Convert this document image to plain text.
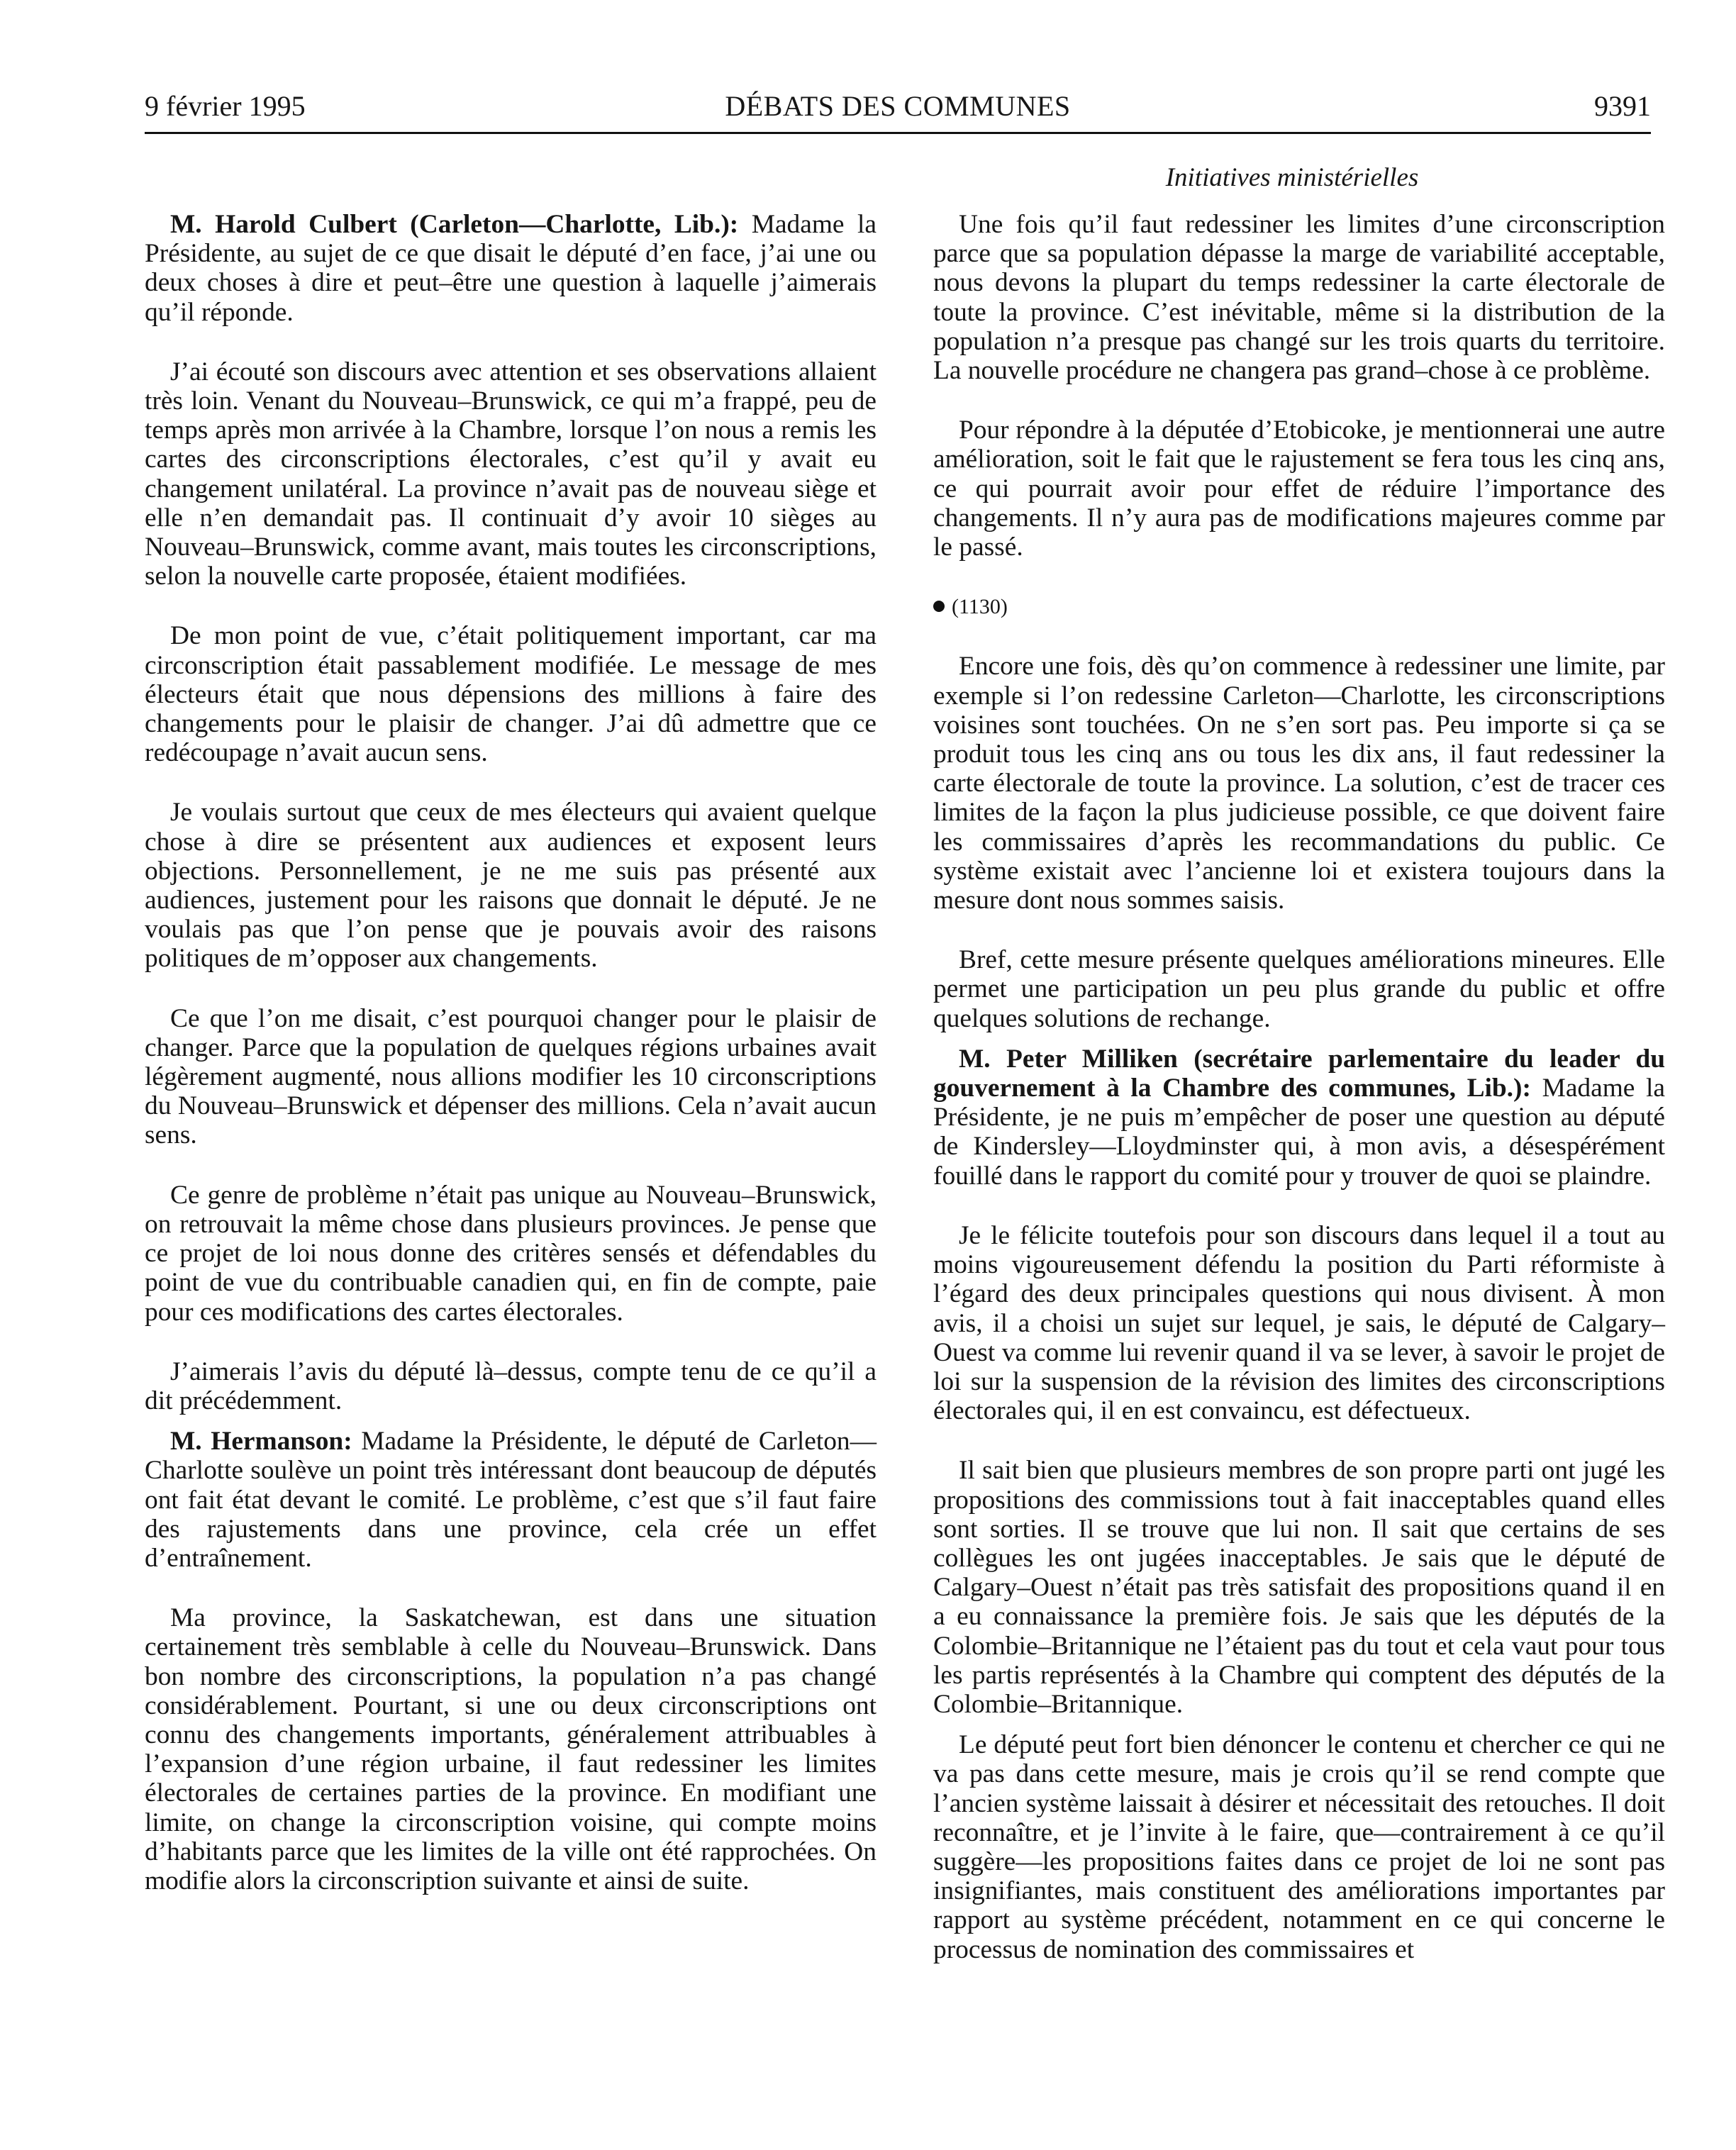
9 février 1995	DÉBATS DES COMMUNES	9391
Initiatives ministérielles

M. Harold Culbert (Carleton—Charlotte, Lib.): Madame la Présidente, au sujet de ce que disait le député d’en face, j’ai une ou deux choses à dire et peut–être une question à laquelle j’aimerais qu’il réponde.

J’ai écouté son discours avec attention et ses observations allaient très loin. Venant du Nouveau–Brunswick, ce qui m’a frappé, peu de temps après mon arrivée à la Chambre, lorsque l’on nous a remis les cartes des circonscriptions électorales, c’est qu’il y avait eu changement unilatéral. La province n’avait pas de nouveau siège et elle n’en demandait pas. Il continuait d’y avoir 10 sièges au Nouveau–Brunswick, comme avant, mais toutes les circonscriptions, selon la nouvelle carte proposée, étaient modifiées.

De mon point de vue, c’était politiquement important, car ma circonscription était passablement modifiée. Le message de mes électeurs était que nous dépensions des millions à faire des changements pour le plaisir de changer. J’ai dû admettre que ce redécoupage n’avait aucun sens.

Je voulais surtout que ceux de mes électeurs qui avaient quelque chose à dire se présentent aux audiences et exposent leurs objections. Personnellement, je ne me suis pas présenté aux audiences, justement pour les raisons que donnait le député. Je ne voulais pas que l’on pense que je pouvais avoir des raisons politiques de m’opposer aux changements.

Ce que l’on me disait, c’est pourquoi changer pour le plaisir de changer. Parce que la population de quelques régions urbaines avait légèrement augmenté, nous allions modifier les 10 circonscriptions du Nouveau–Brunswick et dépenser des millions. Cela n’avait aucun sens.

Ce genre de problème n’était pas unique au Nouveau–Brunswick, on retrouvait la même chose dans plusieurs provinces. Je pense que ce projet de loi nous donne des critères sensés et défendables du point de vue du contribuable canadien qui, en fin de compte, paie pour ces modifications des cartes électorales.

J’aimerais l’avis du député là–dessus, compte tenu de ce qu’il a dit précédemment.

M. Hermanson: Madame la Présidente, le député de Carleton—Charlotte soulève un point très intéressant dont beaucoup de députés ont fait état devant le comité. Le problème, c’est que s’il faut faire des rajustements dans une province, cela crée un effet d’entraînement.

Ma province, la Saskatchewan, est dans une situation certainement très semblable à celle du Nouveau–Brunswick. Dans bon nombre des circonscriptions, la population n’a pas changé considérablement. Pourtant, si une ou deux circonscriptions ont connu des changements importants, généralement attribuables à l’expansion d’une région urbaine, il faut redessiner les limites électorales de certaines parties de la province. En modifiant une limite, on change la circonscription voisine, qui compte moins d’habitants parce que les limites de la ville ont été rapprochées. On modifie alors la circonscription suivante et ainsi de suite.

Une fois qu’il faut redessiner les limites d’une circonscription parce que sa population dépasse la marge de variabilité acceptable, nous devons la plupart du temps redessiner la carte électorale de toute la province. C’est inévitable, même si la distribution de la population n’a presque pas changé sur les trois quarts du territoire. La nouvelle procédure ne changera pas grand–chose à ce problème.

Pour répondre à la députée d’Etobicoke, je mentionnerai une autre amélioration, soit le fait que le rajustement se fera tous les cinq ans, ce qui pourrait avoir pour effet de réduire l’importance des changements. Il n’y aura pas de modifications majeures comme par le passé.

(1130)

Encore une fois, dès qu’on commence à redessiner une limite, par exemple si l’on redessine Carleton—Charlotte, les circonscriptions voisines sont touchées. On ne s’en sort pas. Peu importe si ça se produit tous les cinq ans ou tous les dix ans, il faut redessiner la carte électorale de toute la province. La solution, c’est de tracer ces limites de la façon la plus judicieuse possible, ce que doivent faire les commissaires d’après les recommandations du public. Ce système existait avec l’ancienne loi et existera toujours dans la mesure dont nous sommes saisis.

Bref, cette mesure présente quelques améliorations mineures. Elle permet une participation un peu plus grande du public et offre quelques solutions de rechange.

M. Peter Milliken (secrétaire parlementaire du leader du gouvernement à la Chambre des communes, Lib.): Madame la Présidente, je ne puis m’empêcher de poser une question au député de Kindersley—Lloydminster qui, à mon avis, a désespérément fouillé dans le rapport du comité pour y trouver de quoi se plaindre.

Je le félicite toutefois pour son discours dans lequel il a tout au moins vigoureusement défendu la position du Parti réformiste à l’égard des deux principales questions qui nous divisent. À mon avis, il a choisi un sujet sur lequel, je sais, le député de Calgary–Ouest va comme lui revenir quand il va se lever, à savoir le projet de loi sur la suspension de la révision des limites des circonscriptions électorales qui, il en est convaincu, est défectueux.

Il sait bien que plusieurs membres de son propre parti ont jugé les propositions des commissions tout à fait inacceptables quand elles sont sorties. Il se trouve que lui non. Il sait que certains de ses collègues les ont jugées inacceptables. Je sais que le député de Calgary–Ouest n’était pas très satisfait des propositions quand il en a eu connaissance la première fois. Je sais que les députés de la Colombie–Britannique ne l’étaient pas du tout et cela vaut pour tous les partis représentés à la Chambre qui comptent des députés de la Colombie–Britannique.

Le député peut fort bien dénoncer le contenu et chercher ce qui ne va pas dans cette mesure, mais je crois qu’il se rend compte que l’ancien système laissait à désirer et nécessitait des retouches. Il doit reconnaître, et je l’invite à le faire, que—contrairement à ce qu’il suggère—les propositions faites dans ce projet de loi ne sont pas insignifiantes, mais constituent des améliorations importantes par rapport au système précédent, notamment en ce qui concerne le processus de nomination des commissaires et
